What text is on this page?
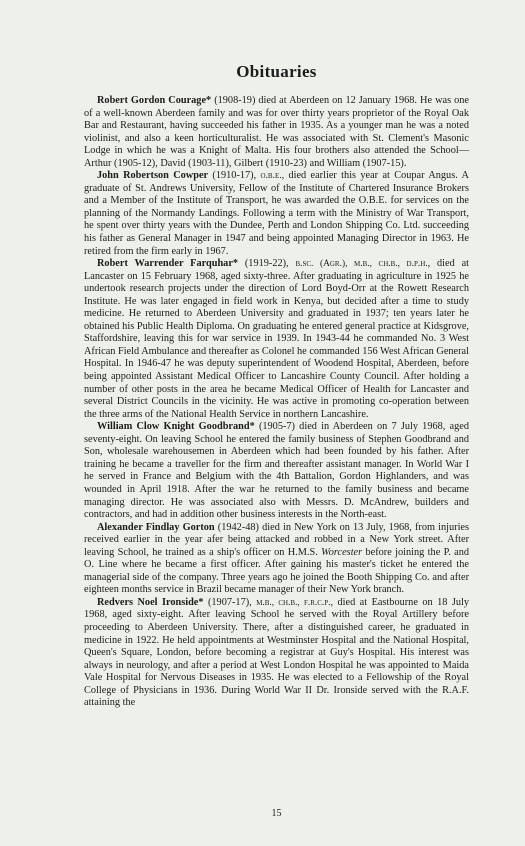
Obituaries

Robert Gordon Courage* (1908-19) died at Aberdeen on 12 January 1968. He was one of a well-known Aberdeen family and was for over thirty years proprietor of the Royal Oak Bar and Restaurant, having succeeded his father in 1935. As a younger man he was a noted violinist, and also a keen horticulturalist. He was associated with St. Clement's Masonic Lodge in which he was a Knight of Malta. His four brothers also attended the School—Arthur (1905-12), David (1903-11), Gilbert (1910-23) and William (1907-15).

John Robertson Cowper (1910-17), o.b.e., died earlier this year at Coupar Angus. A graduate of St. Andrews University, Fellow of the Institute of Chartered Insurance Brokers and a Member of the Institute of Transport, he was awarded the O.B.E. for services on the planning of the Normandy Landings. Following a term with the Ministry of War Transport, he spent over thirty years with the Dundee, Perth and London Shipping Co. Ltd. succeeding his father as General Manager in 1947 and being appointed Managing Director in 1963. He retired from the firm early in 1967.

Robert Warrender Farquhar* (1919-22), b.sc. (Agr.), m.b., ch.b., d.p.h., died at Lancaster on 15 February 1968, aged sixty-three. After graduating in agriculture in 1925 he undertook research projects under the direction of Lord Boyd-Orr at the Rowett Research Institute. He was later engaged in field work in Kenya, but decided after a time to study medicine. He returned to Aberdeen University and graduated in 1937; ten years later he obtained his Public Health Diploma. On graduating he entered general practice at Kidsgrove, Staffordshire, leaving this for war service in 1939. In 1943-44 he commanded No. 3 West African Field Ambulance and thereafter as Colonel he commanded 156 West African General Hospital. In 1946-47 he was deputy superintendent of Woodend Hospital, Aberdeen, before being appointed Assistant Medical Officer to Lancashire County Council. After holding a number of other posts in the area he became Medical Officer of Health for Lancaster and several District Councils in the vicinity. He was active in promoting co-operation between the three arms of the National Health Service in northern Lancashire.

William Clow Knight Goodbrand* (1905-7) died in Aberdeen on 7 July 1968, aged seventy-eight. On leaving School he entered the family business of Stephen Goodbrand and Son, wholesale warehousemen in Aberdeen which had been founded by his father. After training he became a traveller for the firm and thereafter assistant manager. In World War I he served in France and Belgium with the 4th Battalion, Gordon Highlanders, and was wounded in April 1918. After the war he returned to the family business and became managing director. He was associated also with Messrs. D. McAndrew, builders and contractors, and had in addition other business interests in the North-east.

Alexander Findlay Gorton (1942-48) died in New York on 13 July, 1968, from injuries received earlier in the year afer being attacked and robbed in a New York street. After leaving School, he trained as a ship's officer on H.M.S. Worcester before joining the P. and O. Line where he became a first officer. After gaining his master's ticket he entered the managerial side of the company. Three years ago he joined the Booth Shipping Co. and after eighteen months service in Brazil became manager of their New York branch.

Redvers Noel Ironside* (1907-17), m.b., ch.b., f.r.c.p., died at Eastbourne on 18 July 1968, aged sixty-eight. After leaving School he served with the Royal Artillery before proceeding to Aberdeen University. There, after a distinguished career, he graduated in medicine in 1922. He held appointments at Westminster Hospital and the National Hospital, Queen's Square, London, before becoming a registrar at Guy's Hospital. His interest was always in neurology, and after a period at West London Hospital he was appointed to Maida Vale Hospital for Nervous Diseases in 1935. He was elected to a Fellowship of the Royal College of Physicians in 1936. During World War II Dr. Ironside served with the R.A.F. attaining the

15
